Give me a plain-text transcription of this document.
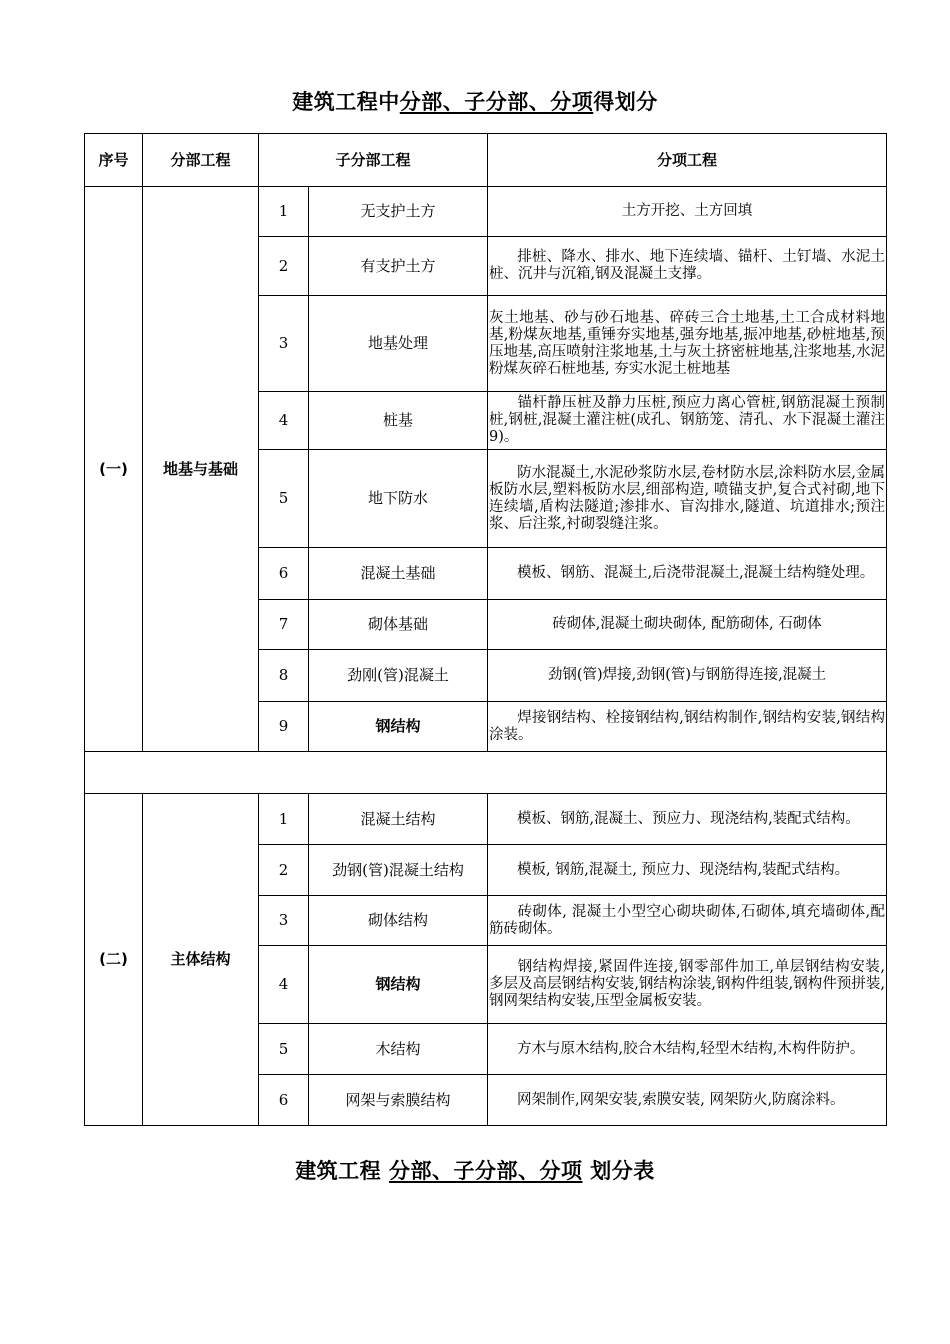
建筑工程中分部、子分部、分项得划分
序号	分部工程	子分部工程		分项工程
(一)	地基与基础	1	无支护土方	土方开挖、土方回填
		2	有支护土方	排桩、降水、排水、地下连续墙、锚杆、土钉墙、水泥土桩、沉井与沉箱,钢及混凝土支撑。
		3	地基处理	灰土地基、砂与砂石地基、碎砖三合土地基,土工合成材料地基,粉煤灰地基,重锤夯实地基,强夯地基,振冲地基,砂桩地基,预压地基,高压喷射注浆地基,土与灰土挤密桩地基,注浆地基,水泥粉煤灰碎石桩地基, 夯实水泥土桩地基
		4	桩基	锚杆静压桩及静力压桩,预应力离心管桩,钢筋混凝土预制桩,钢桩,混凝土灌注桩(成孔、钢筋笼、清孔、水下混凝土灌注9)。
		5	地下防水	防水混凝土,水泥砂浆防水层,卷材防水层,涂料防水层,金属板防水层,塑料板防水层,细部构造, 喷锚支护,复合式衬砌,地下连续墙,盾构法隧道;渗排水、盲沟排水,隧道、坑道排水;预注浆、后注浆,衬砌裂缝注浆。
		6	混凝土基础	模板、钢筋、混凝土,后浇带混凝土,混凝土结构缝处理。
		7	砌体基础	砖砌体,混凝土砌块砌体, 配筋砌体, 石砌体
		8	劲刚(管)混凝土	劲钢(管)焊接,劲钢(管)与钢筋得连接,混凝土
		9	钢结构	焊接钢结构、栓接钢结构,钢结构制作,钢结构安装,钢结构涂装。

(二)	主体结构	1	混凝土结构	模板、钢筋,混凝土、预应力、现浇结构,装配式结构。
		2	劲钢(管)混凝土结构	模板, 钢筋,混凝土, 预应力、现浇结构,装配式结构。
		3	砌体结构	砖砌体, 混凝土小型空心砌块砌体,石砌体,填充墙砌体,配筋砖砌体。
		4	钢结构	钢结构焊接,紧固件连接,钢零部件加工,单层钢结构安装, 多层及高层钢结构安装,钢结构涂装,钢构件组装,钢构件预拼装,钢网架结构安装,压型金属板安装。
		5	木结构	方木与原木结构,胶合木结构,轻型木结构,木构件防护。
		6	网架与索膜结构	网架制作,网架安装,索膜安装, 网架防火,防腐涂料。
建筑工程 分部、子分部、分项 划分表
